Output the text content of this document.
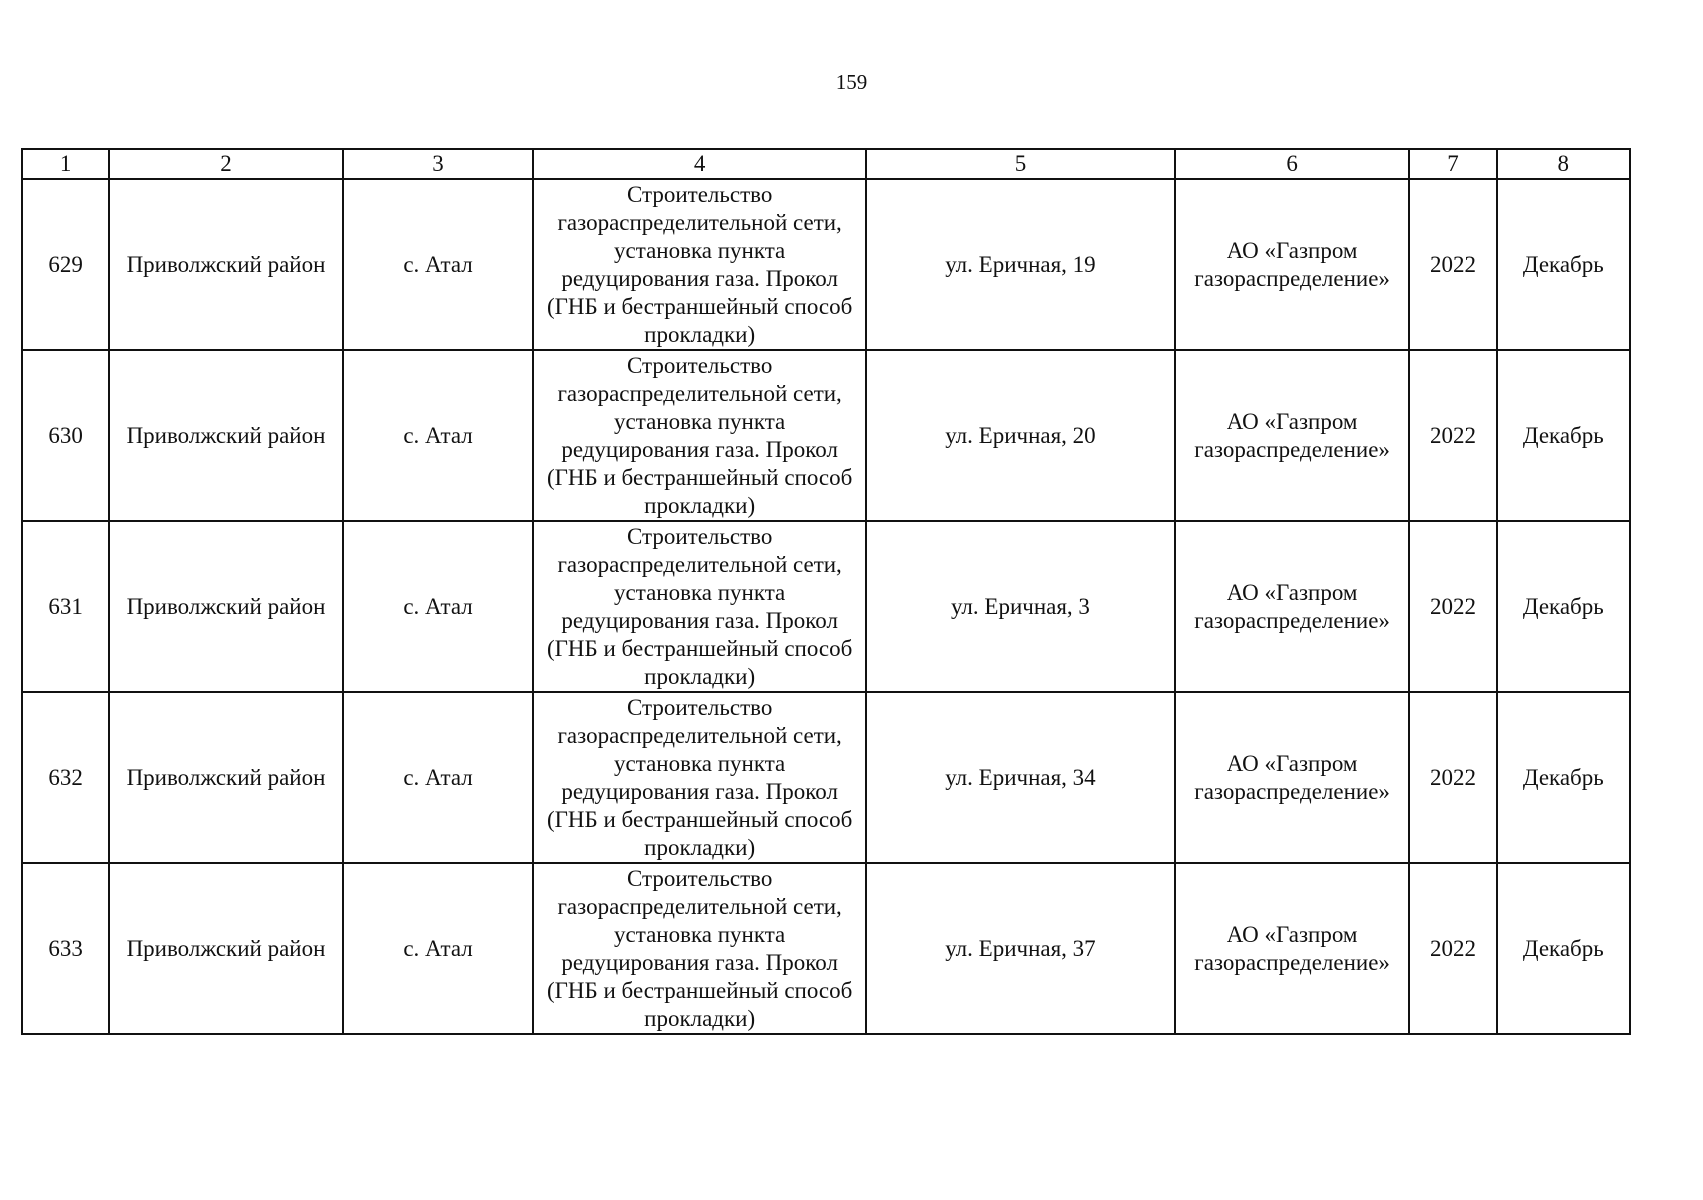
159
1	2	3	4	5	6	7	8
629	Приволжский район	с. Атал	Строительство газораспределительной сети, установка пункта редуцирования газа. Прокол (ГНБ и бестраншейный способ прокладки)	ул. Еричная, 19	АО «Газпром газораспределение»	2022	Декабрь
630	Приволжский район	с. Атал	Строительство газораспределительной сети, установка пункта редуцирования газа. Прокол (ГНБ и бестраншейный способ прокладки)	ул. Еричная, 20	АО «Газпром газораспределение»	2022	Декабрь
631	Приволжский район	с. Атал	Строительство газораспределительной сети, установка пункта редуцирования газа. Прокол (ГНБ и бестраншейный способ прокладки)	ул. Еричная, 3	АО «Газпром газораспределение»	2022	Декабрь
632	Приволжский район	с. Атал	Строительство газораспределительной сети, установка пункта редуцирования газа. Прокол (ГНБ и бестраншейный способ прокладки)	ул. Еричная, 34	АО «Газпром газораспределение»	2022	Декабрь
633	Приволжский район	с. Атал	Строительство газораспределительной сети, установка пункта редуцирования газа. Прокол (ГНБ и бестраншейный способ прокладки)	ул. Еричная, 37	АО «Газпром газораспределение»	2022	Декабрь
